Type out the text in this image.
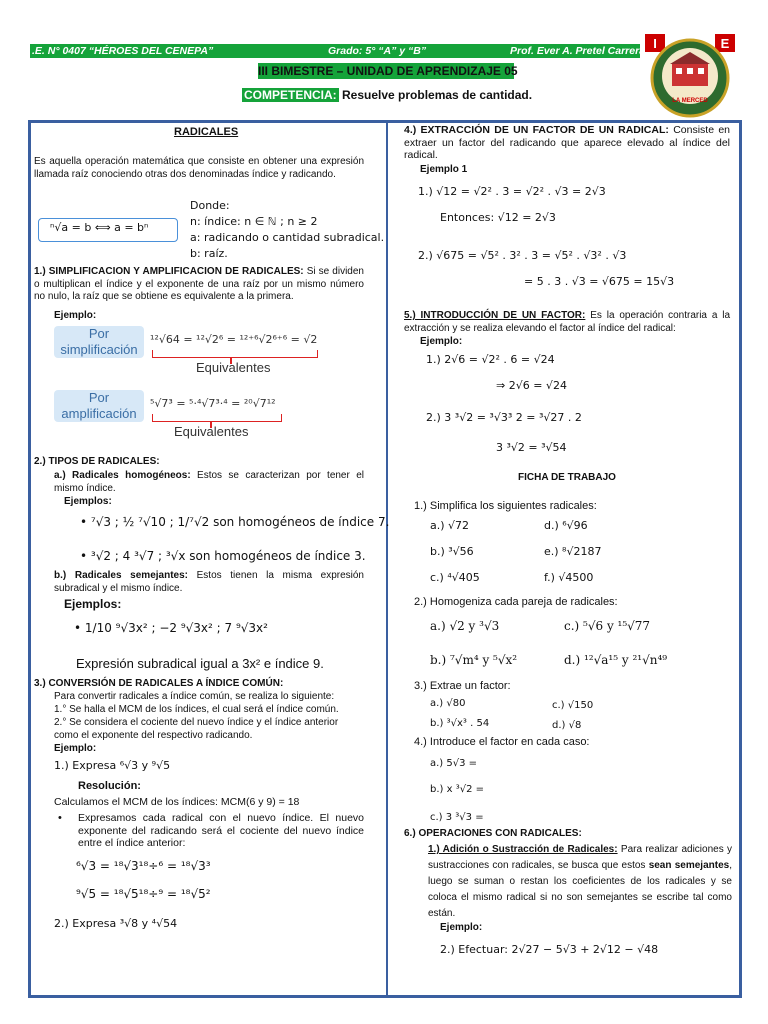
.E. N° 0407 “HÉROES DEL CENEPA”	Grado: 5° “A” y “B”	Prof. Ever A. Pretel Carrera
III BIMESTRE – UNIDAD DE APRENDIZAJE 05
COMPETENCIA: Resuelve problemas de cantidad.
I	E
LA MERCED
RADICALES
Es aquella operación matemática que consiste en obtener una expresión llamada raíz conociendo otras dos denominadas índice y radicando.
ⁿ√a = b ⟺ a = bⁿ
Donde:
n: índice: n ∈ ℕ ; n ≥ 2
a: radicando o cantidad subradical.
b: raíz.
1.) SIMPLIFICACION Y AMPLIFICACION DE RADICALES: Si se dividen o multiplican el índice y el exponente de una raíz por un mismo número no nulo, la raíz que se obtiene es equivalente a la primera.
Ejemplo:
Por simplificación
¹²√64 = ¹²√2⁶ = ¹²⁺⁶√2⁶⁺⁶ = √2
Equivalentes
Por amplificación
⁵√7³ = ⁵·⁴√7³·⁴ = ²⁰√7¹²
Equivalentes
2.) TIPOS DE RADICALES:
a.) Radicales homogéneos: Estos se caracterizan por tener el mismo índice.
Ejemplos:
• ⁷√3 ; ½ ⁷√10 ; 1/⁷√2 son homogéneos de índice 7.
• ³√2 ; 4 ³√7 ; ³√x son homogéneos de índice 3.
b.) Radicales semejantes: Estos tienen la misma expresión subradical y el mismo índice.
Ejemplos:
• 1/10 ⁹√3x² ; −2 ⁹√3x² ; 7 ⁹√3x²
Expresión subradical igual a 3x² e índice 9.
3.) CONVERSIÓN DE RADICALES A ÍNDICE COMÚN:
Para convertir radicales a índice común, se realiza lo siguiente:
1.° Se halla el MCM de los índices, el cual será el índice común.
2.° Se considera el cociente del nuevo índice y el índice anterior
como el exponente del respectivo radicando.
Ejemplo:
1.) Expresa ⁶√3 y ⁹√5
Resolución:
Calculamos el MCM de los índices: MCM(6 y 9) = 18
• Expresamos cada radical con el nuevo índice. El nuevo exponente del radicando será el cociente del nuevo índice entre el índice anterior:
⁶√3 = ¹⁸√3¹⁸÷⁶ = ¹⁸√3³
⁹√5 = ¹⁸√5¹⁸÷⁹ = ¹⁸√5²
2.) Expresa ³√8 y ⁴√54
4.) EXTRACCIÓN DE UN FACTOR DE UN RADICAL: Consiste en extraer un factor del radicando que aparece elevado al índice del radical.
Ejemplo 1
1.) √12 = √2² . 3 = √2² . √3 = 2√3
Entonces: √12 = 2√3
2.) √675 = √5² . 3² . 3 = √5² . √3² . √3
= 5 . 3 . √3 = √675 = 15√3
5.) INTRODUCCIÓN DE UN FACTOR: Es la operación contraria a la extracción y se realiza elevando el factor al índice del radical:
Ejemplo:
1.) 2√6 = √2² . 6 = √24
⇒ 2√6 = √24
2.) 3 ³√2 = ³√3³ 2 = ³√27 . 2
3 ³√2 = ³√54
FICHA DE TRABAJO
1.) Simplifica los siguientes radicales:
a.) √72	d.) ⁶√96
b.) ³√56	e.) ⁸√2187
c.) ⁴√405	f.) √4500
2.) Homogeniza cada pareja de radicales:
a.) √2 y ³√3	c.) ⁵√6 y ¹⁵√77
b.) ⁷√m⁴ y ⁵√x²	d.) ¹²√a¹⁵ y ²¹√n⁴⁹
3.) Extrae un factor:
a.) √80	c.) √150
b.) ³√x³ . 54	d.) √8
4.) Introduce el factor en cada caso:
a.) 5√3 =
b.) x ³√2 =
c.) 3 ³√3 =
6.) OPERACIONES CON RADICALES:
1.) Adición o Sustracción de Radicales: Para realizar adiciones y sustracciones con radicales, se busca que estos sean semejantes, luego se suman o restan los coeficientes de los radicales y se coloca el mismo radical si no son semejantes se escribe tal como están.
Ejemplo:
2.) Efectuar: 2√27 − 5√3 + 2√12 − √48
